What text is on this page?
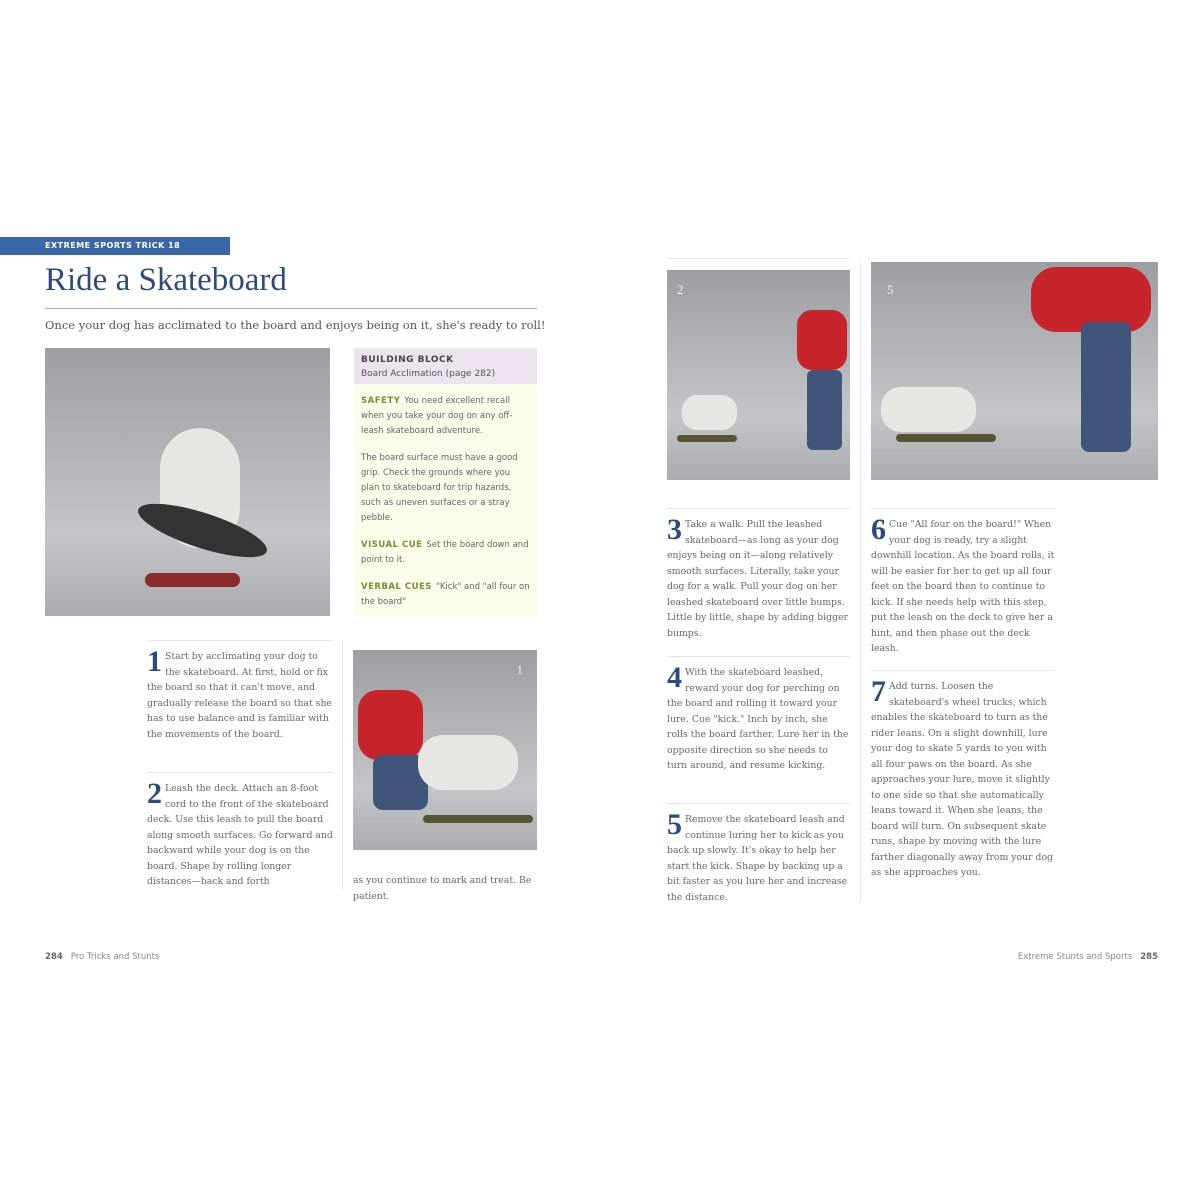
EXTREME SPORTS TRICK 18
Ride a Skateboard
Once your dog has acclimated to the board and enjoys being on it, she's ready to roll!
BUILDING BLOCK
Board Acclimation (page 282)

SAFETY You need excellent recall when you take your dog on any off-leash skateboard adventure.

The board surface must have a good grip. Check the grounds where you plan to skateboard for trip hazards, such as uneven surfaces or a stray pebble.

VISUAL CUE Set the board down and point to it.

VERBAL CUES "Kick" and "all four on the board"

1 Start by acclimating your dog to the skateboard. At first, hold or fix the board so that it can't move, and gradually release the board so that she has to use balance and is familiar with the movements of the board.
2 Leash the deck. Attach an 8-foot cord to the front of the skateboard deck. Use this leash to pull the board along smooth surfaces. Go forward and backward while your dog is on the board. Shape by rolling longer distances—back and forth
1
as you continue to mark and treat. Be patient.
284 Pro Tricks and Stunts
2	5
3 Take a walk. Pull the leashed skateboard—as long as your dog enjoys being on it—along relatively smooth surfaces. Literally, take your dog for a walk. Pull your dog on her leashed skateboard over little bumps. Little by little, shape by adding bigger bumps.
4 With the skateboard leashed, reward your dog for perching on the board and rolling it toward your lure. Cue "kick." Inch by inch, she rolls the board farther. Lure her in the opposite direction so she needs to turn around, and resume kicking.
5 Remove the skateboard leash and continue luring her to kick as you back up slowly. It's okay to help her start the kick. Shape by backing up a bit faster as you lure her and increase the distance.
6 Cue "All four on the board!" When your dog is ready, try a slight downhill location. As the board rolls, it will be easier for her to get up all four feet on the board then to continue to kick. If she needs help with this step, put the leash on the deck to give her a hint, and then phase out the deck leash.
7 Add turns. Loosen the skateboard's wheel trucks, which enables the skateboard to turn as the rider leans. On a slight downhill, lure your dog to skate 5 yards to you with all four paws on the board. As she approaches your lure, move it slightly to one side so that she automatically leans toward it. When she leans, the board will turn. On subsequent skate runs, shape by moving with the lure farther diagonally away from your dog as she approaches you.
Extreme Stunts and Sports 285
